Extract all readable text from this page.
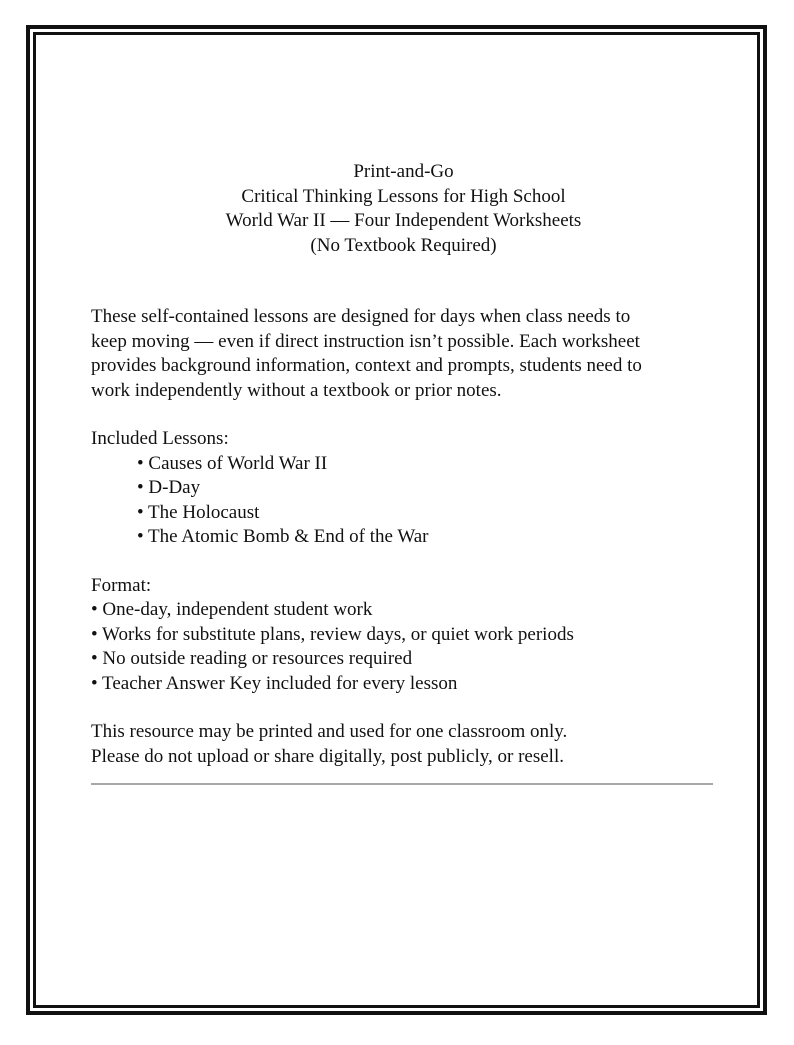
Print-and-Go
Critical Thinking Lessons for High School
World War II — Four Independent Worksheets
(No Textbook Required)
These self-contained lessons are designed for days when class needs to
keep moving — even if direct instruction isn’t possible. Each worksheet
provides background information, context and prompts, students need to
work independently without a textbook or prior notes.
Included Lessons:
• Causes of World War II
• D-Day
• The Holocaust
• The Atomic Bomb & End of the War
Format:
• One-day, independent student work
• Works for substitute plans, review days, or quiet work periods
• No outside reading or resources required
• Teacher Answer Key included for every lesson
This resource may be printed and used for one classroom only.
Please do not upload or share digitally, post publicly, or resell.
